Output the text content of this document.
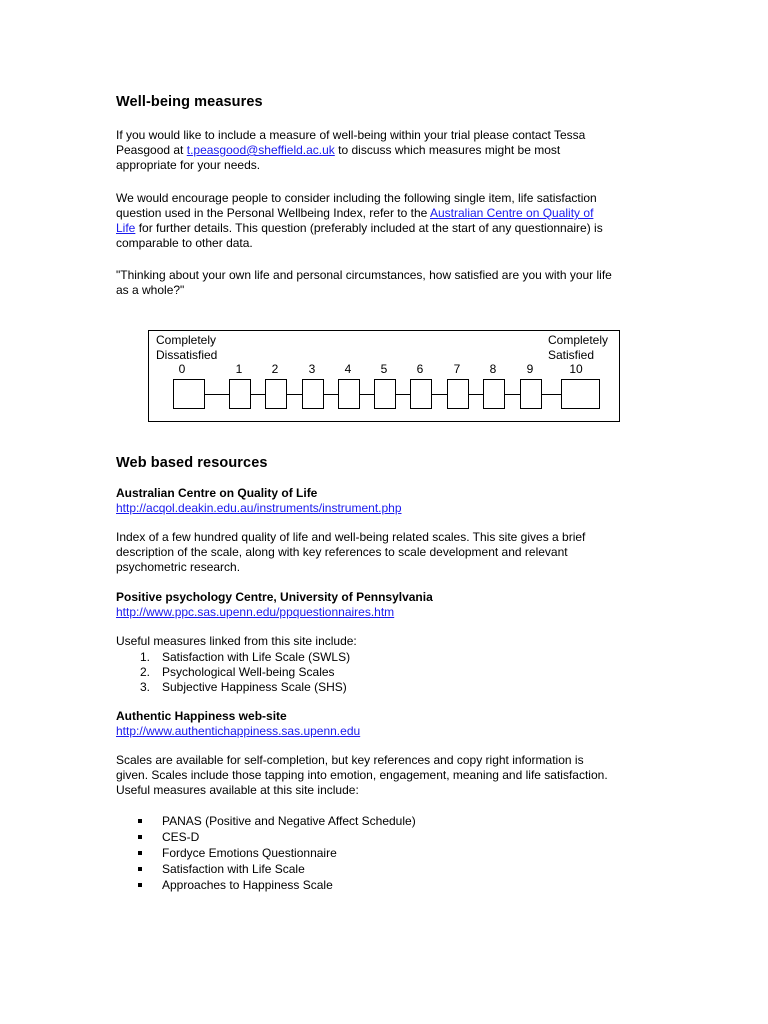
Well-being measures

If you would like to include a measure of well-being within your trial please contact Tessa
Peasgood at t.peasgood@sheffield.ac.uk to discuss which measures might be most
appropriate for your needs.

We would encourage people to consider including the following single item, life satisfaction
question used in the Personal Wellbeing Index, refer to the Australian Centre on Quality of
Life for further details. This question (preferably included at the start of any questionnaire) is
comparable to other data.

"Thinking about your own life and personal circumstances, how satisfied are you with your life
as a whole?"

Web based resources
Australian Centre on Quality of Life
http://acqol.deakin.edu.au/instruments/instrument.php

Index of a few hundred quality of life and well-being related scales. This site gives a brief
description of the scale, along with key references to scale development and relevant
psychometric research.

Positive psychology Centre, University of Pennsylvania
http://www.ppc.sas.upenn.edu/ppquestionnaires.htm

Useful measures linked from this site include:

1. Satisfaction with Life Scale (SWLS)
2. Psychological Well-being Scales
3. Subjective Happiness Scale (SHS)
Authentic Happiness web-site
http://www.authentichappiness.sas.upenn.edu

Scales are available for self-completion, but key references and copy right information is
given. Scales include those tapping into emotion, engagement, meaning and life satisfaction.
Useful measures available at this site include:

PANAS (Positive and Negative Affect Schedule)
CES-D
Fordyce Emotions Questionnaire
Satisfaction with Life Scale
Approaches to Happiness Scale
Completely
Dissatisfied
Completely
Satisfied
0	1	2	3	4	5	6	7	8	9	10
